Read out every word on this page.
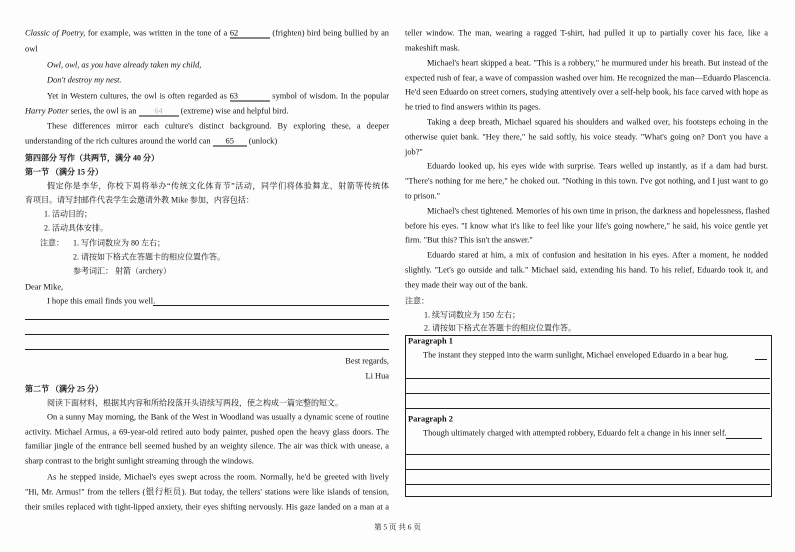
Classic of Poetry, for example, was written in the tone of a 62	(frighten) bird being bullied by an
owl
Owl, owl, as you have already taken my child,
Don't destroy my nest.
Yet in Western cultures, the owl is often regarded as 63	symbol of wisdom. In the popular
Harry Potter series, the owl is an 64 (extreme) wise and helpful bird.
These differences mirror each culture's distinct background. By exploring these, a deeper
understanding of the rich cultures around the world can 65 (unlock)
第四部分 写作（共两节，满分 40 分）
第一节 （满分 15 分）
假定你是李华，你校下周将举办“传统文化体育节”活动，同学们将体验舞龙、射箭等传统体
育项目。请写封邮件代表学生会邀请外教 Mike 参加，内容包括：
1. 活动目的；
2. 活动具体安排。
注意：	1. 写作词数应为 80 左右；
2. 请按如下格式在答题卡的相应位置作答。
参考词汇： 射箭（archery）
Dear Mike,
I hope this email finds you well.
Best regards,
Li Hua
第二节 （满分 25 分）
阅读下面材料，根据其内容和所给段落开头语续写两段，使之构成一篇完整的短文。
On a sunny May morning, the Bank of the West in Woodland was usually a dynamic scene of routine
activity. Michael Armus, a 69-year-old retired auto body painter, pushed open the heavy glass doors. The
familiar jingle of the entrance bell seemed hushed by an weighty silence. The air was thick with unease, a
sharp contrast to the bright sunlight streaming through the windows.
As he stepped inside, Michael's eyes swept across the room. Normally, he'd be greeted with lively
"Hi, Mr. Armus!" from the tellers (银行柜员). But today, the tellers' stations were like islands of tension,
their smiles replaced with tight-lipped anxiety, their eyes shifting nervously. His gaze landed on a man at a
teller window. The man, wearing a ragged T-shirt, had pulled it up to partially cover his face, like a
makeshift mask.
Michael's heart skipped a beat. "This is a robbery," he murmured under his breath. But instead of the
expected rush of fear, a wave of compassion washed over him. He recognized the man—Eduardo Plascencia.
He'd seen Eduardo on street corners, studying attentively over a self-help book, his face carved with hope as
he tried to find answers within its pages.
Taking a deep breath, Michael squared his shoulders and walked over, his footsteps echoing in the
otherwise quiet bank. "Hey there," he said softly, his voice steady. "What's going on? Don't you have a
job?"
Eduardo looked up, his eyes wide with surprise. Tears welled up instantly, as if a dam had burst.
"There's nothing for me here," he choked out. "Nothing in this town. I've got nothing, and I just want to go
to prison."
Michael's chest tightened. Memories of his own time in prison, the darkness and hopelessness, flashed
before his eyes. "I know what it's like to feel like your life's going nowhere," he said, his voice gentle yet
firm. "But this? This isn't the answer."
Eduardo stared at him, a mix of confusion and hesitation in his eyes. After a moment, he nodded
slightly. "Let's go outside and talk." Michael said, extending his hand. To his relief, Eduardo took it, and
they made their way out of the bank.
注意：
1. 续写词数应为 150 左右；
2. 请按如下格式在答题卡的相应位置作答。
Paragraph 1
The instant they stepped into the warm sunlight, Michael enveloped Eduardo in a bear hug.
Paragraph 2
Though ultimately charged with attempted robbery, Eduardo felt a change in his inner self.
第 5 页 共 6 页
